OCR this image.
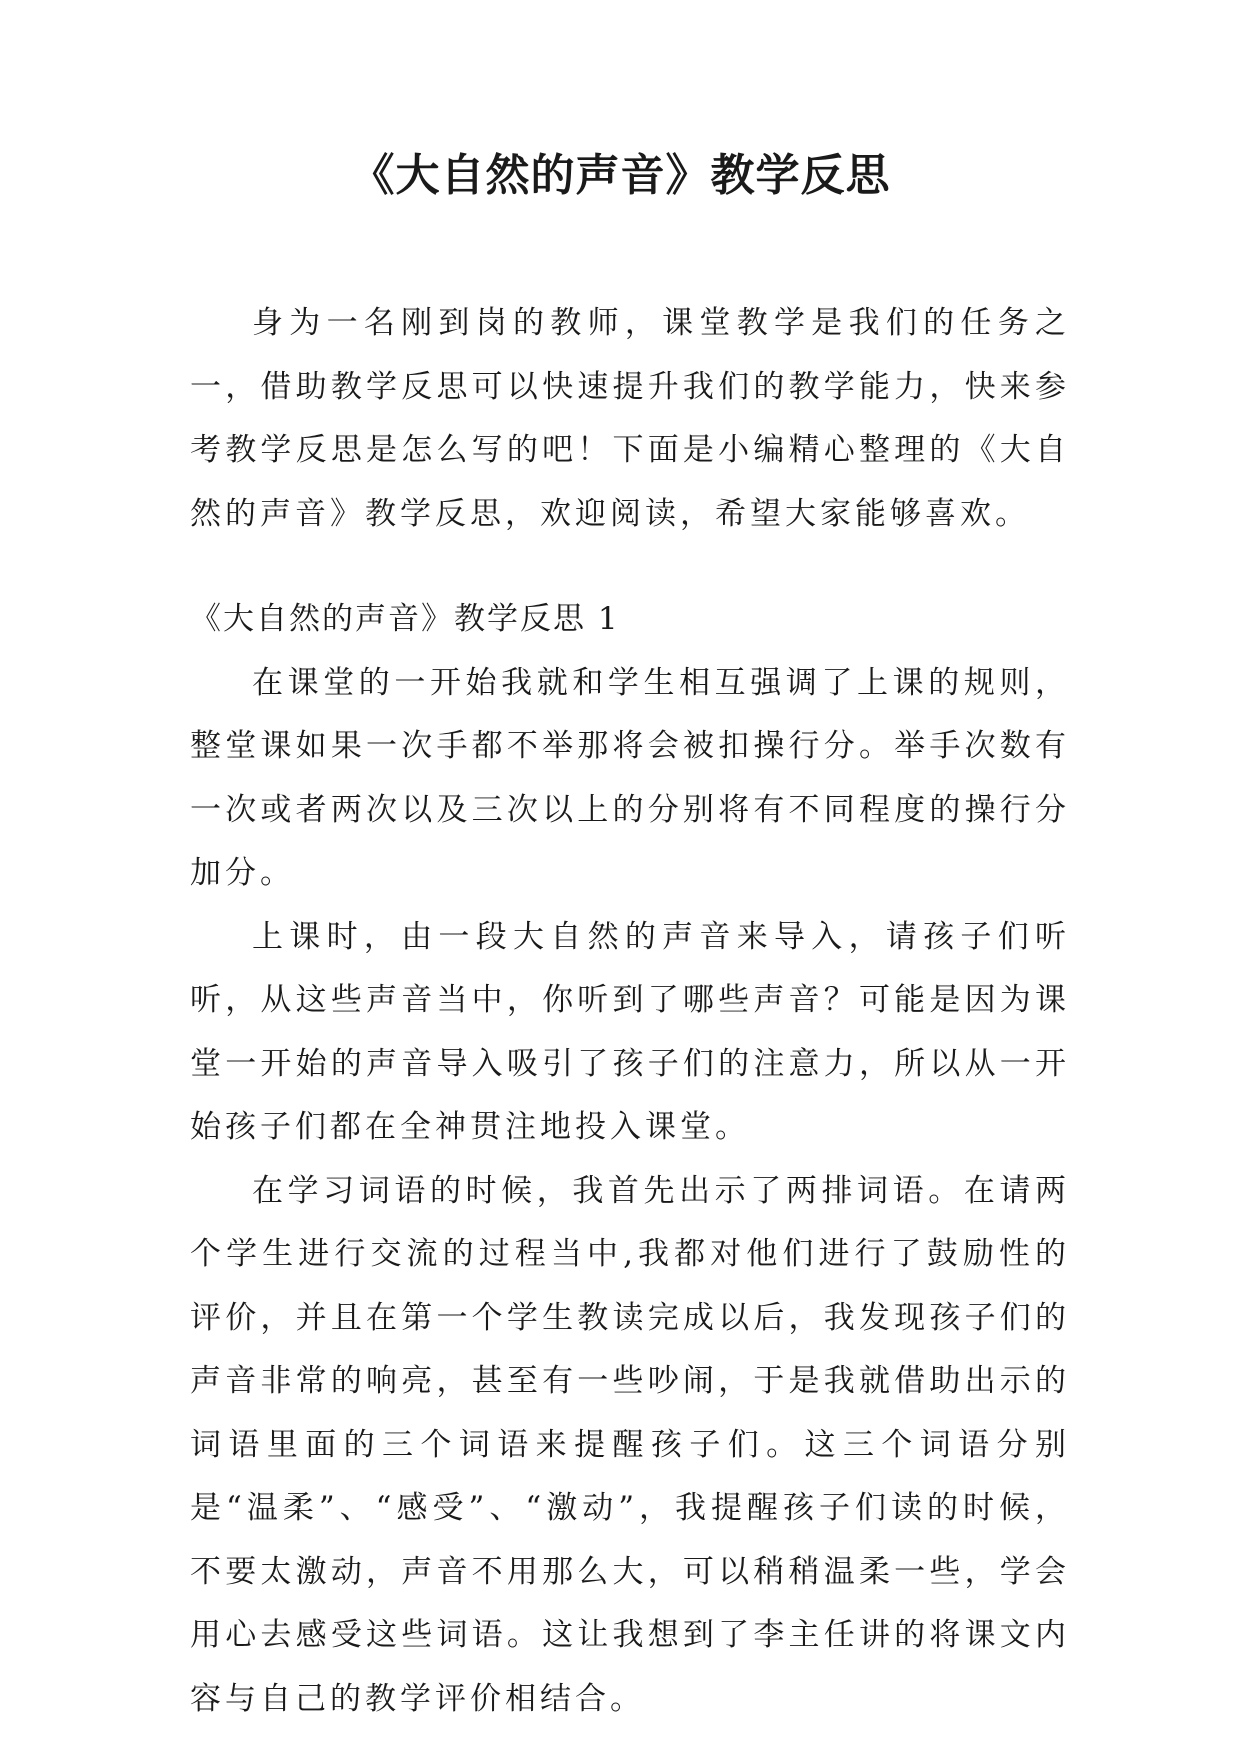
《大自然的声音》教学反思

身为一名刚到岗的教师，课堂教学是我们的任务之一，借助教学反思可以快速提升我们的教学能力，快来参考教学反思是怎么写的吧！下面是小编精心整理的《大自然的声音》教学反思，欢迎阅读，希望大家能够喜欢。

《大自然的声音》教学反思 1

在课堂的一开始我就和学生相互强调了上课的规则，整堂课如果一次手都不举那将会被扣操行分。举手次数有一次或者两次以及三次以上的分别将有不同程度的操行分加分。

上课时，由一段大自然的声音来导入，请孩子们听听，从这些声音当中，你听到了哪些声音？可能是因为课堂一开始的声音导入吸引了孩子们的注意力，所以从一开始孩子们都在全神贯注地投入课堂。

在学习词语的时候，我首先出示了两排词语。在请两个学生进行交流的过程当中,我都对他们进行了鼓励性的评价，并且在第一个学生教读完成以后，我发现孩子们的声音非常的响亮，甚至有一些吵闹，于是我就借助出示的词语里面的三个词语来提醒孩子们。这三个词语分别是“温柔”、“感受”、“激动”，我提醒孩子们读的时候，不要太激动，声音不用那么大，可以稍稍温柔一些，学会用心去感受这些词语。这让我想到了李主任讲的将课文内容与自己的教学评价相结合。
